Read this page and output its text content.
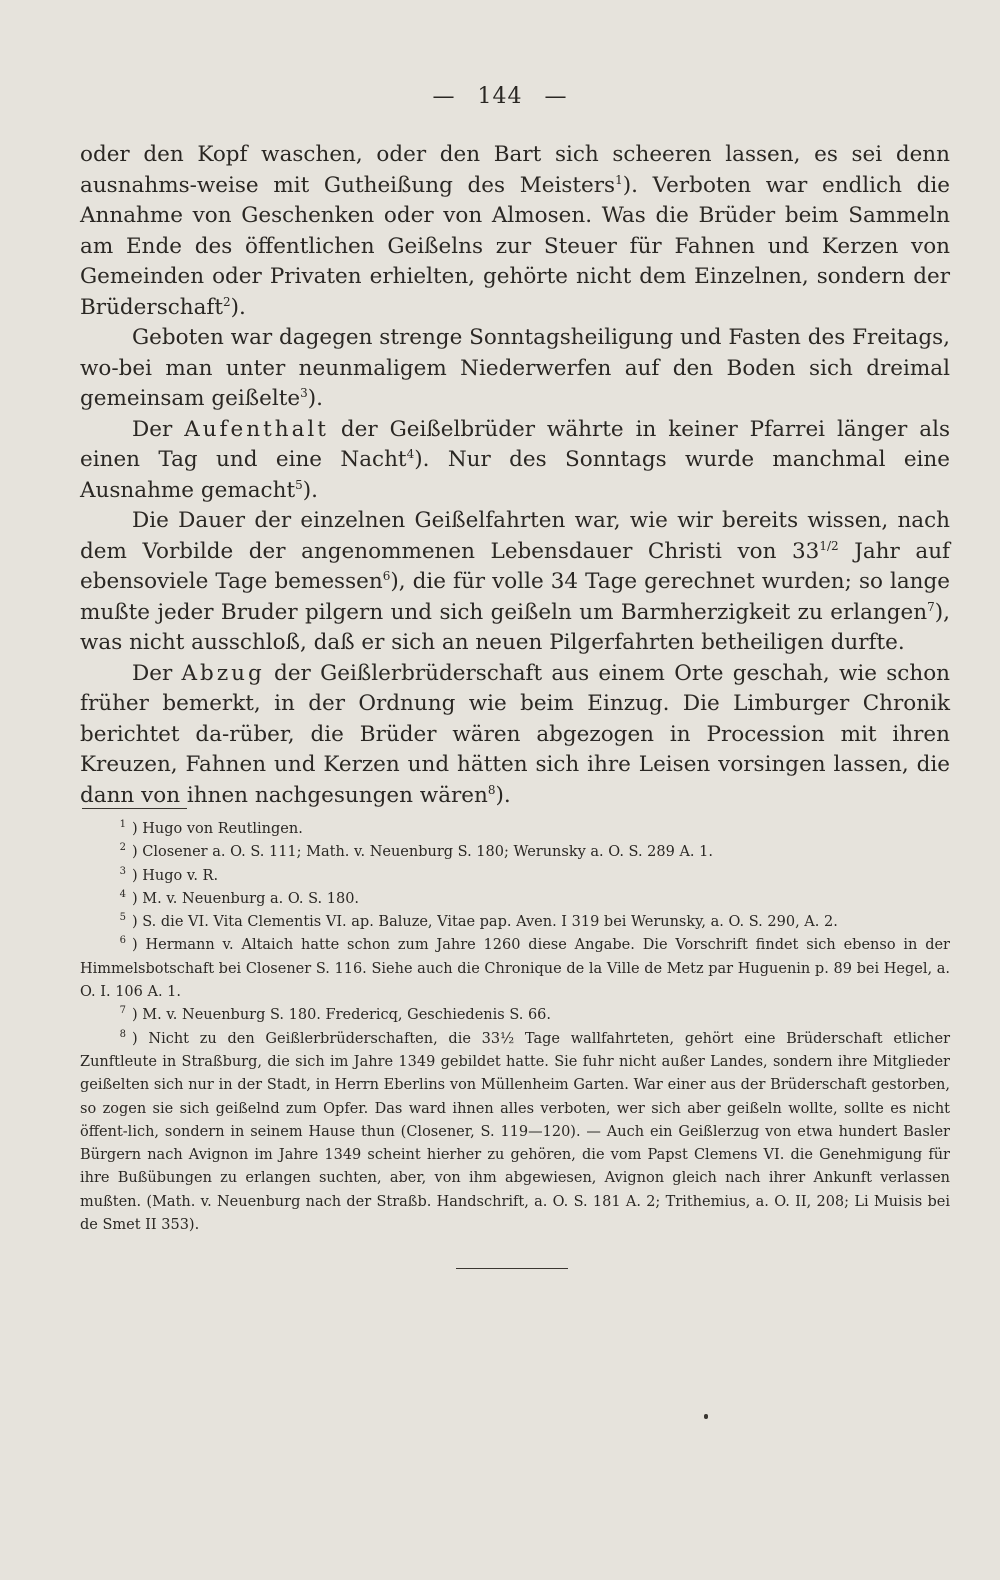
— 144 —

oder den Kopf waschen, oder den Bart sich scheeren lassen, es sei denn ausnahms-weise mit Gutheißung des Meisters$^1$). Verboten war endlich die Annahme von Geschenken oder von Almosen. Was die Brüder beim Sammeln am Ende des öffentlichen Geißelns zur Steuer für Fahnen und Kerzen von Gemeinden oder Privaten erhielten, gehörte nicht dem Einzelnen, sondern der Brüderschaft$^2$).

Geboten war dagegen strenge Sonntagsheiligung und Fasten des Freitags, wo-bei man unter neunmaligem Niederwerfen auf den Boden sich dreimal gemeinsam geißelte$^3$).

Der Aufenthalt der Geißelbrüder währte in keiner Pfarrei länger als einen Tag und eine Nacht$^4$). Nur des Sonntags wurde manchmal eine Ausnahme gemacht$^5$).

Die Dauer der einzelnen Geißelfahrten war, wie wir bereits wissen, nach dem Vorbilde der angenommenen Lebensdauer Christi von $33^{1/2}$ Jahr auf ebensoviele Tage bemessen$^6$), die für volle 34 Tage gerechnet wurden; so lange mußte jeder Bruder pilgern und sich geißeln um Barmherzigkeit zu erlangen$^7$), was nicht ausschloß, daß er sich an neuen Pilgerfahrten betheiligen durfte.

Der Abzug der Geißlerbrüderschaft aus einem Orte geschah, wie schon früher bemerkt, in der Ordnung wie beim Einzug. Die Limburger Chronik berichtet da-rüber, die Brüder wären abgezogen in Procession mit ihren Kreuzen, Fahnen und Kerzen und hätten sich ihre Leisen vorsingen lassen, die dann von ihnen nachgesungen wären$^8$).

$^1$ ) Hugo von Reutlingen.

$^2$ ) Closener a. O. S. 111; Math. v. Neuenburg S. 180; Werunsky a. O. S. 289 A. 1.

$^3$ ) Hugo v. R.

$^4$ ) M. v. Neuenburg a. O. S. 180.

$^5$ ) S. die VI. Vita Clementis VI. ap. Baluze, Vitae pap. Aven. I 319 bei Werunsky, a. O. S. 290, A. 2.

$^6$ ) Hermann v. Altaich hatte schon zum Jahre 1260 diese Angabe. Die Vorschrift findet sich ebenso in der Himmelsbotschaft bei Closener S. 116. Siehe auch die Chronique de la Ville de Metz par Huguenin p. 89 bei Hegel, a. O. I. 106 A. 1.

$^7$ ) M. v. Neuenburg S. 180. Fredericq, Geschiedenis S. 66.

$^8$ ) Nicht zu den Geißlerbrüderschaften, die 33½ Tage wallfahrteten, gehört eine Brüderschaft etlicher Zunftleute in Straßburg, die sich im Jahre 1349 gebildet hatte. Sie fuhr nicht außer Landes, sondern ihre Mitglieder geißelten sich nur in der Stadt, in Herrn Eberlins von Müllenheim Garten. War einer aus der Brüderschaft gestorben, so zogen sie sich geißelnd zum Opfer. Das ward ihnen alles verboten, wer sich aber geißeln wollte, sollte es nicht öffent-lich, sondern in seinem Hause thun (Closener, S. 119—120). — Auch ein Geißlerzug von etwa hundert Basler Bürgern nach Avignon im Jahre 1349 scheint hierher zu gehören, die vom Papst Clemens VI. die Genehmigung für ihre Bußübungen zu erlangen suchten, aber, von ihm abgewiesen, Avignon gleich nach ihrer Ankunft verlassen mußten. (Math. v. Neuenburg nach der Straßb. Handschrift, a. O. S. 181 A. 2; Trithemius, a. O. II, 208; Li Muisis bei de Smet II 353).
